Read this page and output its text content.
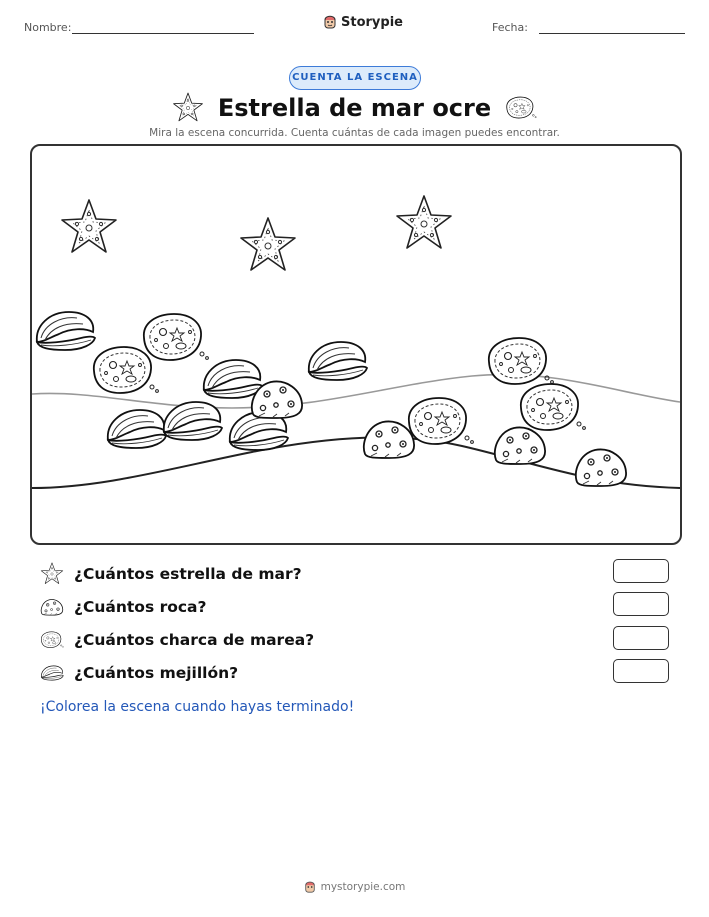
Nombre:	Storypie	Fecha:
CUENTA LA ESCENA
Estrella de mar ocre
Mira la escena concurrida. Cuenta cuántas de cada imagen puedes encontrar.
¿Cuántos estrella de mar?
¿Cuántos roca?
¿Cuántos charca de marea?
¿Cuántos mejillón?
¡Colorea la escena cuando hayas terminado!
mystorypie.com
